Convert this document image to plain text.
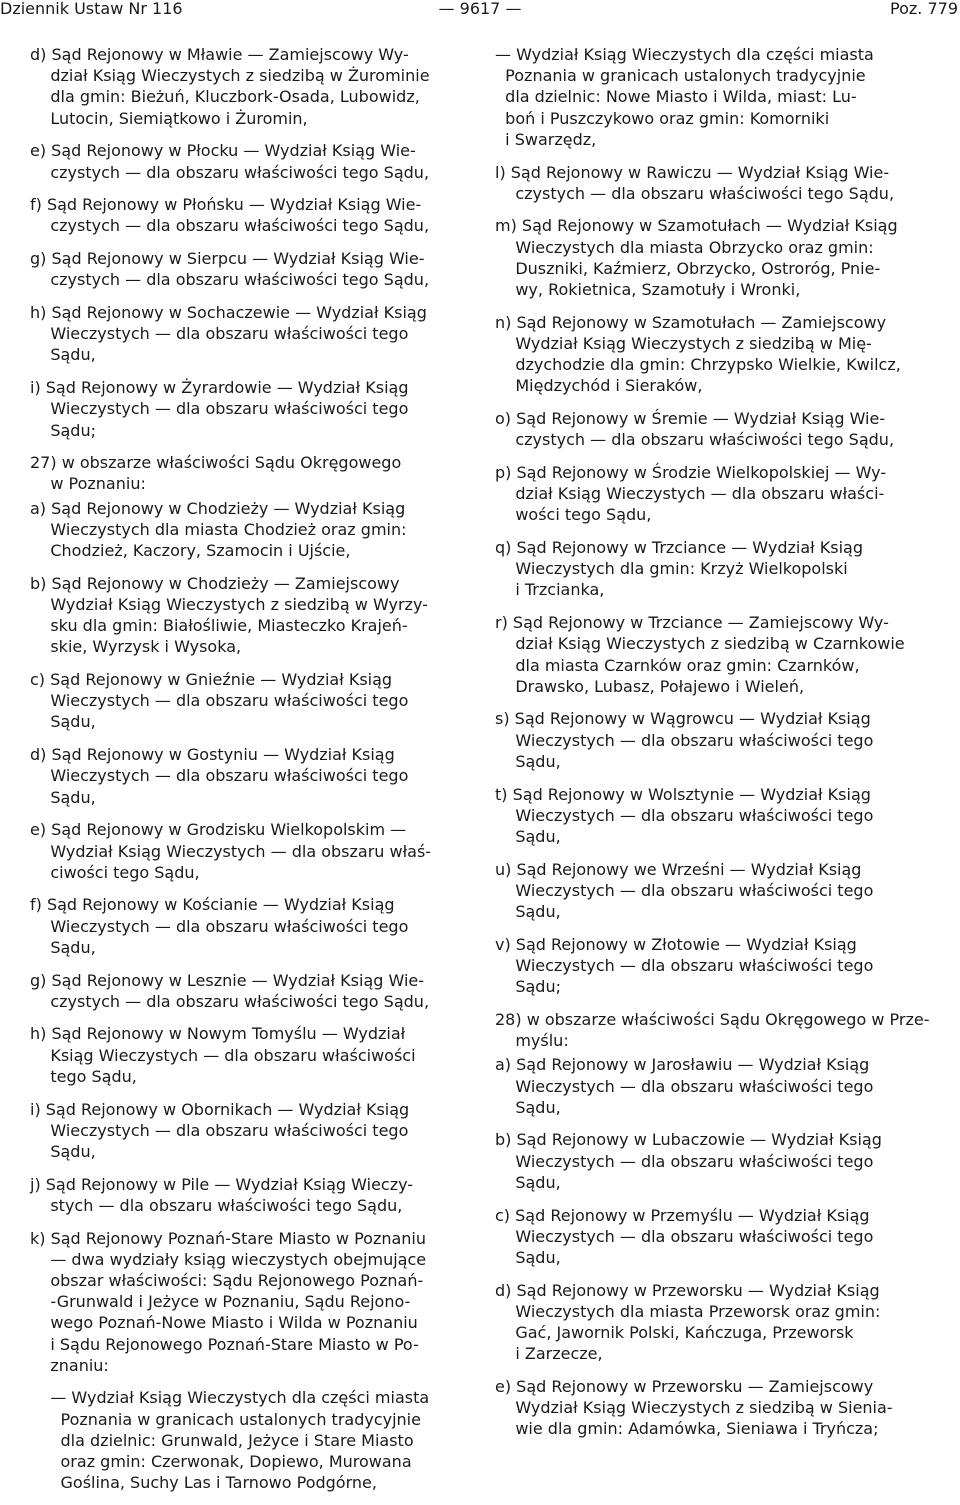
Dziennik Ustaw Nr 116	— 9617 —	Poz. 779

d) Sąd Rejonowy w Mławie — Zamiejscowy Wy-
dział Ksiąg Wieczystych z siedzibą w Żurominie
dla gmin: Bieżuń, Kluczbork-Osada, Lubowidz,
Lutocin, Siemiątkowo i Żuromin,

e) Sąd Rejonowy w Płocku — Wydział Ksiąg Wie-
czystych — dla obszaru właściwości tego Sądu,

f) Sąd Rejonowy w Płońsku — Wydział Ksiąg Wie-
czystych — dla obszaru właściwości tego Sądu,

g) Sąd Rejonowy w Sierpcu — Wydział Ksiąg Wie-
czystych — dla obszaru właściwości tego Sądu,

h) Sąd Rejonowy w Sochaczewie — Wydział Ksiąg
Wieczystych — dla obszaru właściwości tego
Sądu,

i) Sąd Rejonowy w Żyrardowie — Wydział Ksiąg
Wieczystych — dla obszaru właściwości tego
Sądu;

27) w obszarze właściwości Sądu Okręgowego
w Poznaniu:

a) Sąd Rejonowy w Chodzieży — Wydział Ksiąg
Wieczystych dla miasta Chodzież oraz gmin:
Chodzież, Kaczory, Szamocin i Ujście,

b) Sąd Rejonowy w Chodzieży — Zamiejscowy
Wydział Ksiąg Wieczystych z siedzibą w Wyrzy-
sku dla gmin: Białośliwie, Miasteczko Krajeń-
skie, Wyrzysk i Wysoka,

c) Sąd Rejonowy w Gnieźnie — Wydział Ksiąg
Wieczystych — dla obszaru właściwości tego
Sądu,

d) Sąd Rejonowy w Gostyniu — Wydział Ksiąg
Wieczystych — dla obszaru właściwości tego
Sądu,

e) Sąd Rejonowy w Grodzisku Wielkopolskim —
Wydział Ksiąg Wieczystych — dla obszaru właś-
ciwości tego Sądu,

f) Sąd Rejonowy w Kościanie — Wydział Ksiąg
Wieczystych — dla obszaru właściwości tego
Sądu,

g) Sąd Rejonowy w Lesznie — Wydział Ksiąg Wie-
czystych — dla obszaru właściwości tego Sądu,

h) Sąd Rejonowy w Nowym Tomyślu — Wydział
Ksiąg Wieczystych — dla obszaru właściwości
tego Sądu,

i) Sąd Rejonowy w Obornikach — Wydział Ksiąg
Wieczystych — dla obszaru właściwości tego
Sądu,

j) Sąd Rejonowy w Pile — Wydział Ksiąg Wieczy-
stych — dla obszaru właściwości tego Sądu,

k) Sąd Rejonowy Poznań-Stare Miasto w Poznaniu
— dwa wydziały ksiąg wieczystych obejmujące
obszar właściwości: Sądu Rejonowego Poznań-
-Grunwald i Jeżyce w Poznaniu, Sądu Rejono-
wego Poznań-Nowe Miasto i Wilda w Poznaniu
i Sądu Rejonowego Poznań-Stare Miasto w Po-
znaniu:

— Wydział Ksiąg Wieczystych dla części miasta
Poznania w granicach ustalonych tradycyjnie
dla dzielnic: Grunwald, Jeżyce i Stare Miasto
oraz gmin: Czerwonak, Dopiewo, Murowana
Goślina, Suchy Las i Tarnowo Podgórne,

— Wydział Ksiąg Wieczystych dla części miasta
Poznania w granicach ustalonych tradycyjnie
dla dzielnic: Nowe Miasto i Wilda, miast: Lu-
boń i Puszczykowo oraz gmin: Komorniki
i Swarzędz,

l) Sąd Rejonowy w Rawiczu — Wydział Ksiąg Wie-
czystych — dla obszaru właściwości tego Sądu,

m) Sąd Rejonowy w Szamotułach — Wydział Ksiąg
Wieczystych dla miasta Obrzycko oraz gmin:
Duszniki, Kaźmierz, Obrzycko, Ostroróg, Pnie-
wy, Rokietnica, Szamotuły i Wronki,

n) Sąd Rejonowy w Szamotułach — Zamiejscowy
Wydział Ksiąg Wieczystych z siedzibą w Mię-
dzychodzie dla gmin: Chrzypsko Wielkie, Kwilcz,
Międzychód i Sieraków,

o) Sąd Rejonowy w Śremie — Wydział Ksiąg Wie-
czystych — dla obszaru właściwości tego Sądu,

p) Sąd Rejonowy w Środzie Wielkopolskiej — Wy-
dział Ksiąg Wieczystych — dla obszaru właści-
wości tego Sądu,

q) Sąd Rejonowy w Trzciance — Wydział Ksiąg
Wieczystych dla gmin: Krzyż Wielkopolski
i Trzcianka,

r) Sąd Rejonowy w Trzciance — Zamiejscowy Wy-
dział Ksiąg Wieczystych z siedzibą w Czarnkowie
dla miasta Czarnków oraz gmin: Czarnków,
Drawsko, Lubasz, Połajewo i Wieleń,

s) Sąd Rejonowy w Wągrowcu — Wydział Ksiąg
Wieczystych — dla obszaru właściwości tego
Sądu,

t) Sąd Rejonowy w Wolsztynie — Wydział Ksiąg
Wieczystych — dla obszaru właściwości tego
Sądu,

u) Sąd Rejonowy we Wrześni — Wydział Ksiąg
Wieczystych — dla obszaru właściwości tego
Sądu,

v) Sąd Rejonowy w Złotowie — Wydział Ksiąg
Wieczystych — dla obszaru właściwości tego
Sądu;

28) w obszarze właściwości Sądu Okręgowego w Prze-
myślu:

a) Sąd Rejonowy w Jarosławiu — Wydział Ksiąg
Wieczystych — dla obszaru właściwości tego
Sądu,

b) Sąd Rejonowy w Lubaczowie — Wydział Ksiąg
Wieczystych — dla obszaru właściwości tego
Sądu,

c) Sąd Rejonowy w Przemyślu — Wydział Ksiąg
Wieczystych — dla obszaru właściwości tego
Sądu,

d) Sąd Rejonowy w Przeworsku — Wydział Ksiąg
Wieczystych dla miasta Przeworsk oraz gmin:
Gać, Jawornik Polski, Kańczuga, Przeworsk
i Zarzecze,

e) Sąd Rejonowy w Przeworsku — Zamiejscowy
Wydział Ksiąg Wieczystych z siedzibą w Sienia-
wie dla gmin: Adamówka, Sieniawa i Tryńcza;
